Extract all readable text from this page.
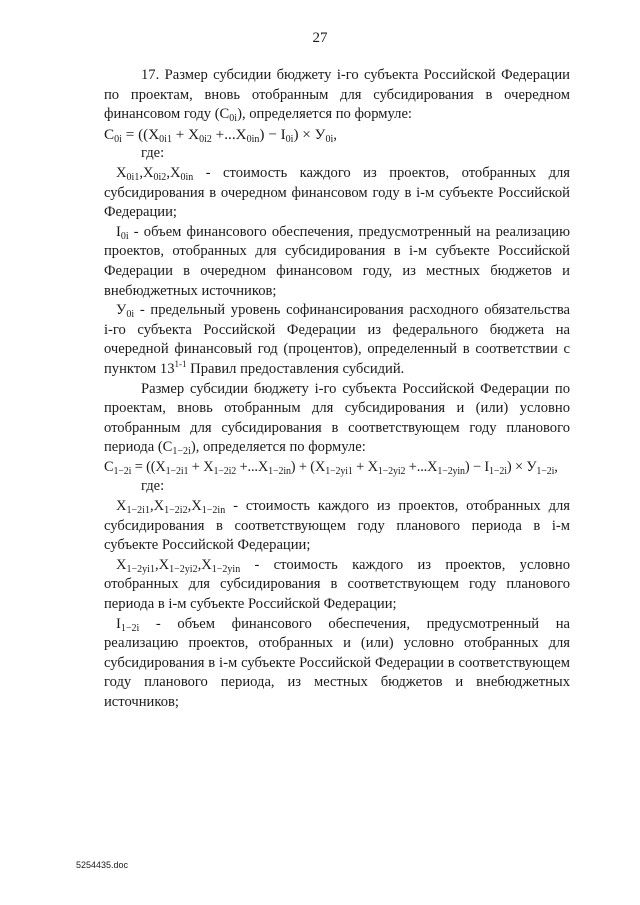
27

17. Размер субсидии бюджету i-го субъекта Российской Федерации по проектам, вновь отобранным для субсидирования в очередном финансовом году $(C_{0i})$, определяется по формуле:

$C_{0i} = ((X_{0i1} + X_{0i2} +...X_{0in}) - I_{0i}) \times У_{0i}$,

где:

$X_{0i1},X_{0i2},X_{0in}$ - стоимость каждого из проектов, отобранных для субсидирования в очередном финансовом году в i-м субъекте Российской Федерации;

$I_{0i}$ - объем финансового обеспечения, предусмотренный на реализацию проектов, отобранных для субсидирования в i-м субъекте Российской Федерации в очередном финансовом году, из местных бюджетов и внебюджетных источников;

$У_{0i}$ - предельный уровень софинансирования расходного обязательства i-го субъекта Российской Федерации из федерального бюджета на очередной финансовый год (процентов), определенный в соответствии с пунктом 13$^{1-1}$ Правил предоставления субсидий.

Размер субсидии бюджету i-го субъекта Российской Федерации по проектам, вновь отобранным для субсидирования и (или) условно отобранным для субсидирования в соответствующем году планового периода $(C_{1-2i})$, определяется по формуле:

$C_{1-2i} = ((X_{1-2i1} + X_{1-2i2} +...X_{1-2in}) + (X_{1-2yi1} + X_{1-2yi2} +...X_{1-2yin}) - I_{1-2i}) \times У_{1-2i}$,

где:

$X_{1-2i1},X_{1-2i2},X_{1-2in}$ - стоимость каждого из проектов, отобранных для субсидирования в соответствующем году планового периода в i-м субъекте Российской Федерации;

$X_{1-2yi1},X_{1-2yi2},X_{1-2yin}$ - стоимость каждого из проектов, условно отобранных для субсидирования в соответствующем году планового периода в i-м субъекте Российской Федерации;

$I_{1-2i}$ - объем финансового обеспечения, предусмотренный на реализацию проектов, отобранных и (или) условно отобранных для субсидирования в i-м субъекте Российской Федерации в соответствующем году планового периода, из местных бюджетов и внебюджетных источников;

5254435.doc
